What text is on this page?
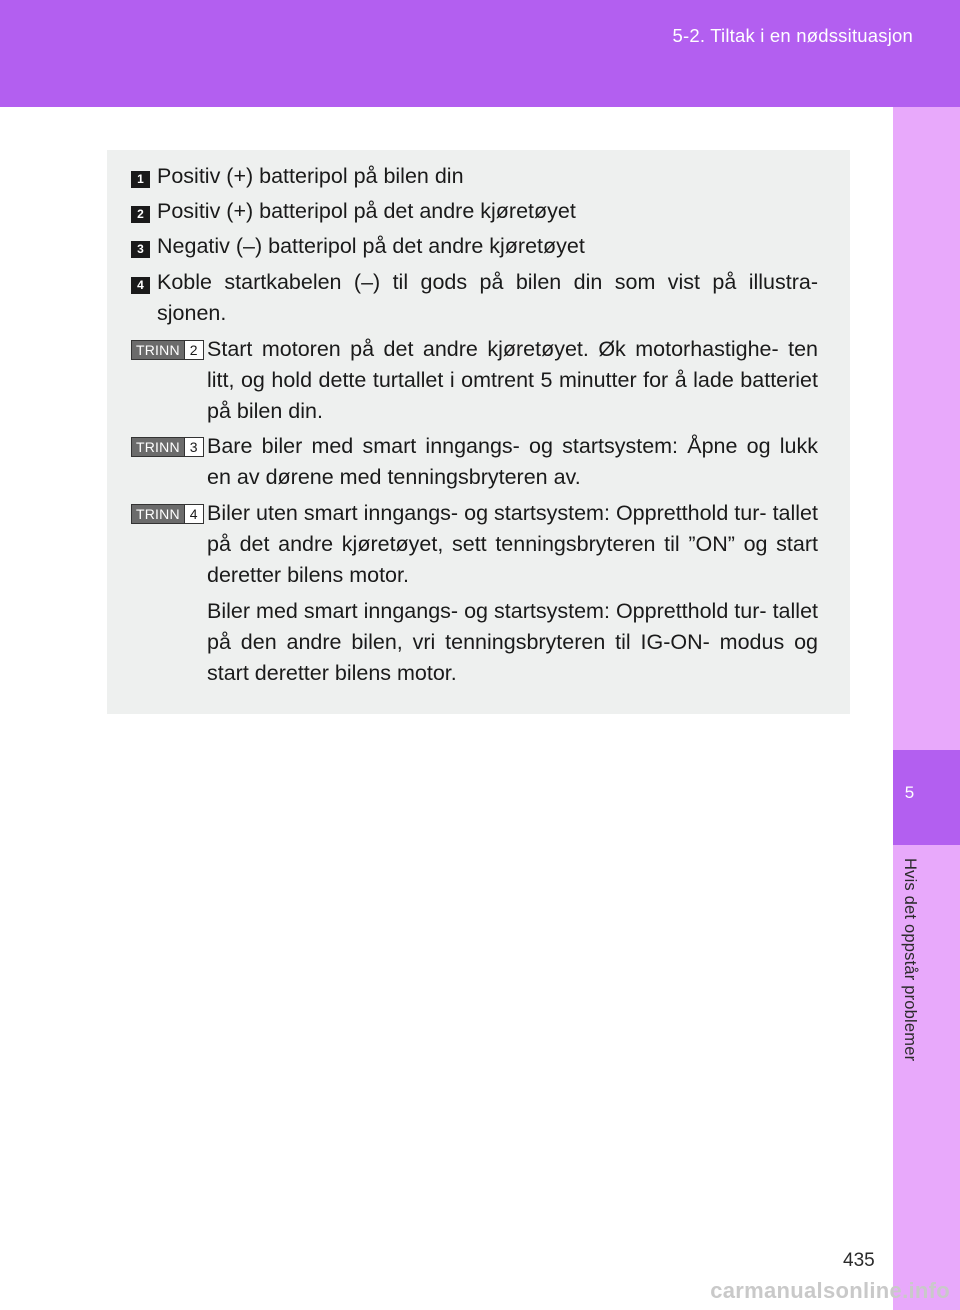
5-2. Tiltak i en nødssituasjon
5
Hvis det oppstår problemer
1 Positiv (+) batteripol på bilen din
2 Positiv (+) batteripol på det andre kjøretøyet
3 Negativ (–) batteripol på det andre kjøretøyet
4 Koble startkabelen (–) til gods på bilen din som vist på illustra- sjonen.
TRINN 2 Start motoren på det andre kjøretøyet. Øk motorhastighe- ten litt, og hold dette turtallet i omtrent 5 minutter for å lade batteriet på bilen din.
TRINN 3 Bare biler med smart inngangs- og startsystem: Åpne og lukk en av dørene med tenningsbryteren av.
TRINN 4 Biler uten smart inngangs- og startsystem: Oppretthold tur- tallet på det andre kjøretøyet, sett tenningsbryteren til ”ON” og start deretter bilens motor.
Biler med smart inngangs- og startsystem: Oppretthold tur- tallet på den andre bilen, vri tenningsbryteren til IG-ON- modus og start deretter bilens motor.
435
carmanualsonline.info
